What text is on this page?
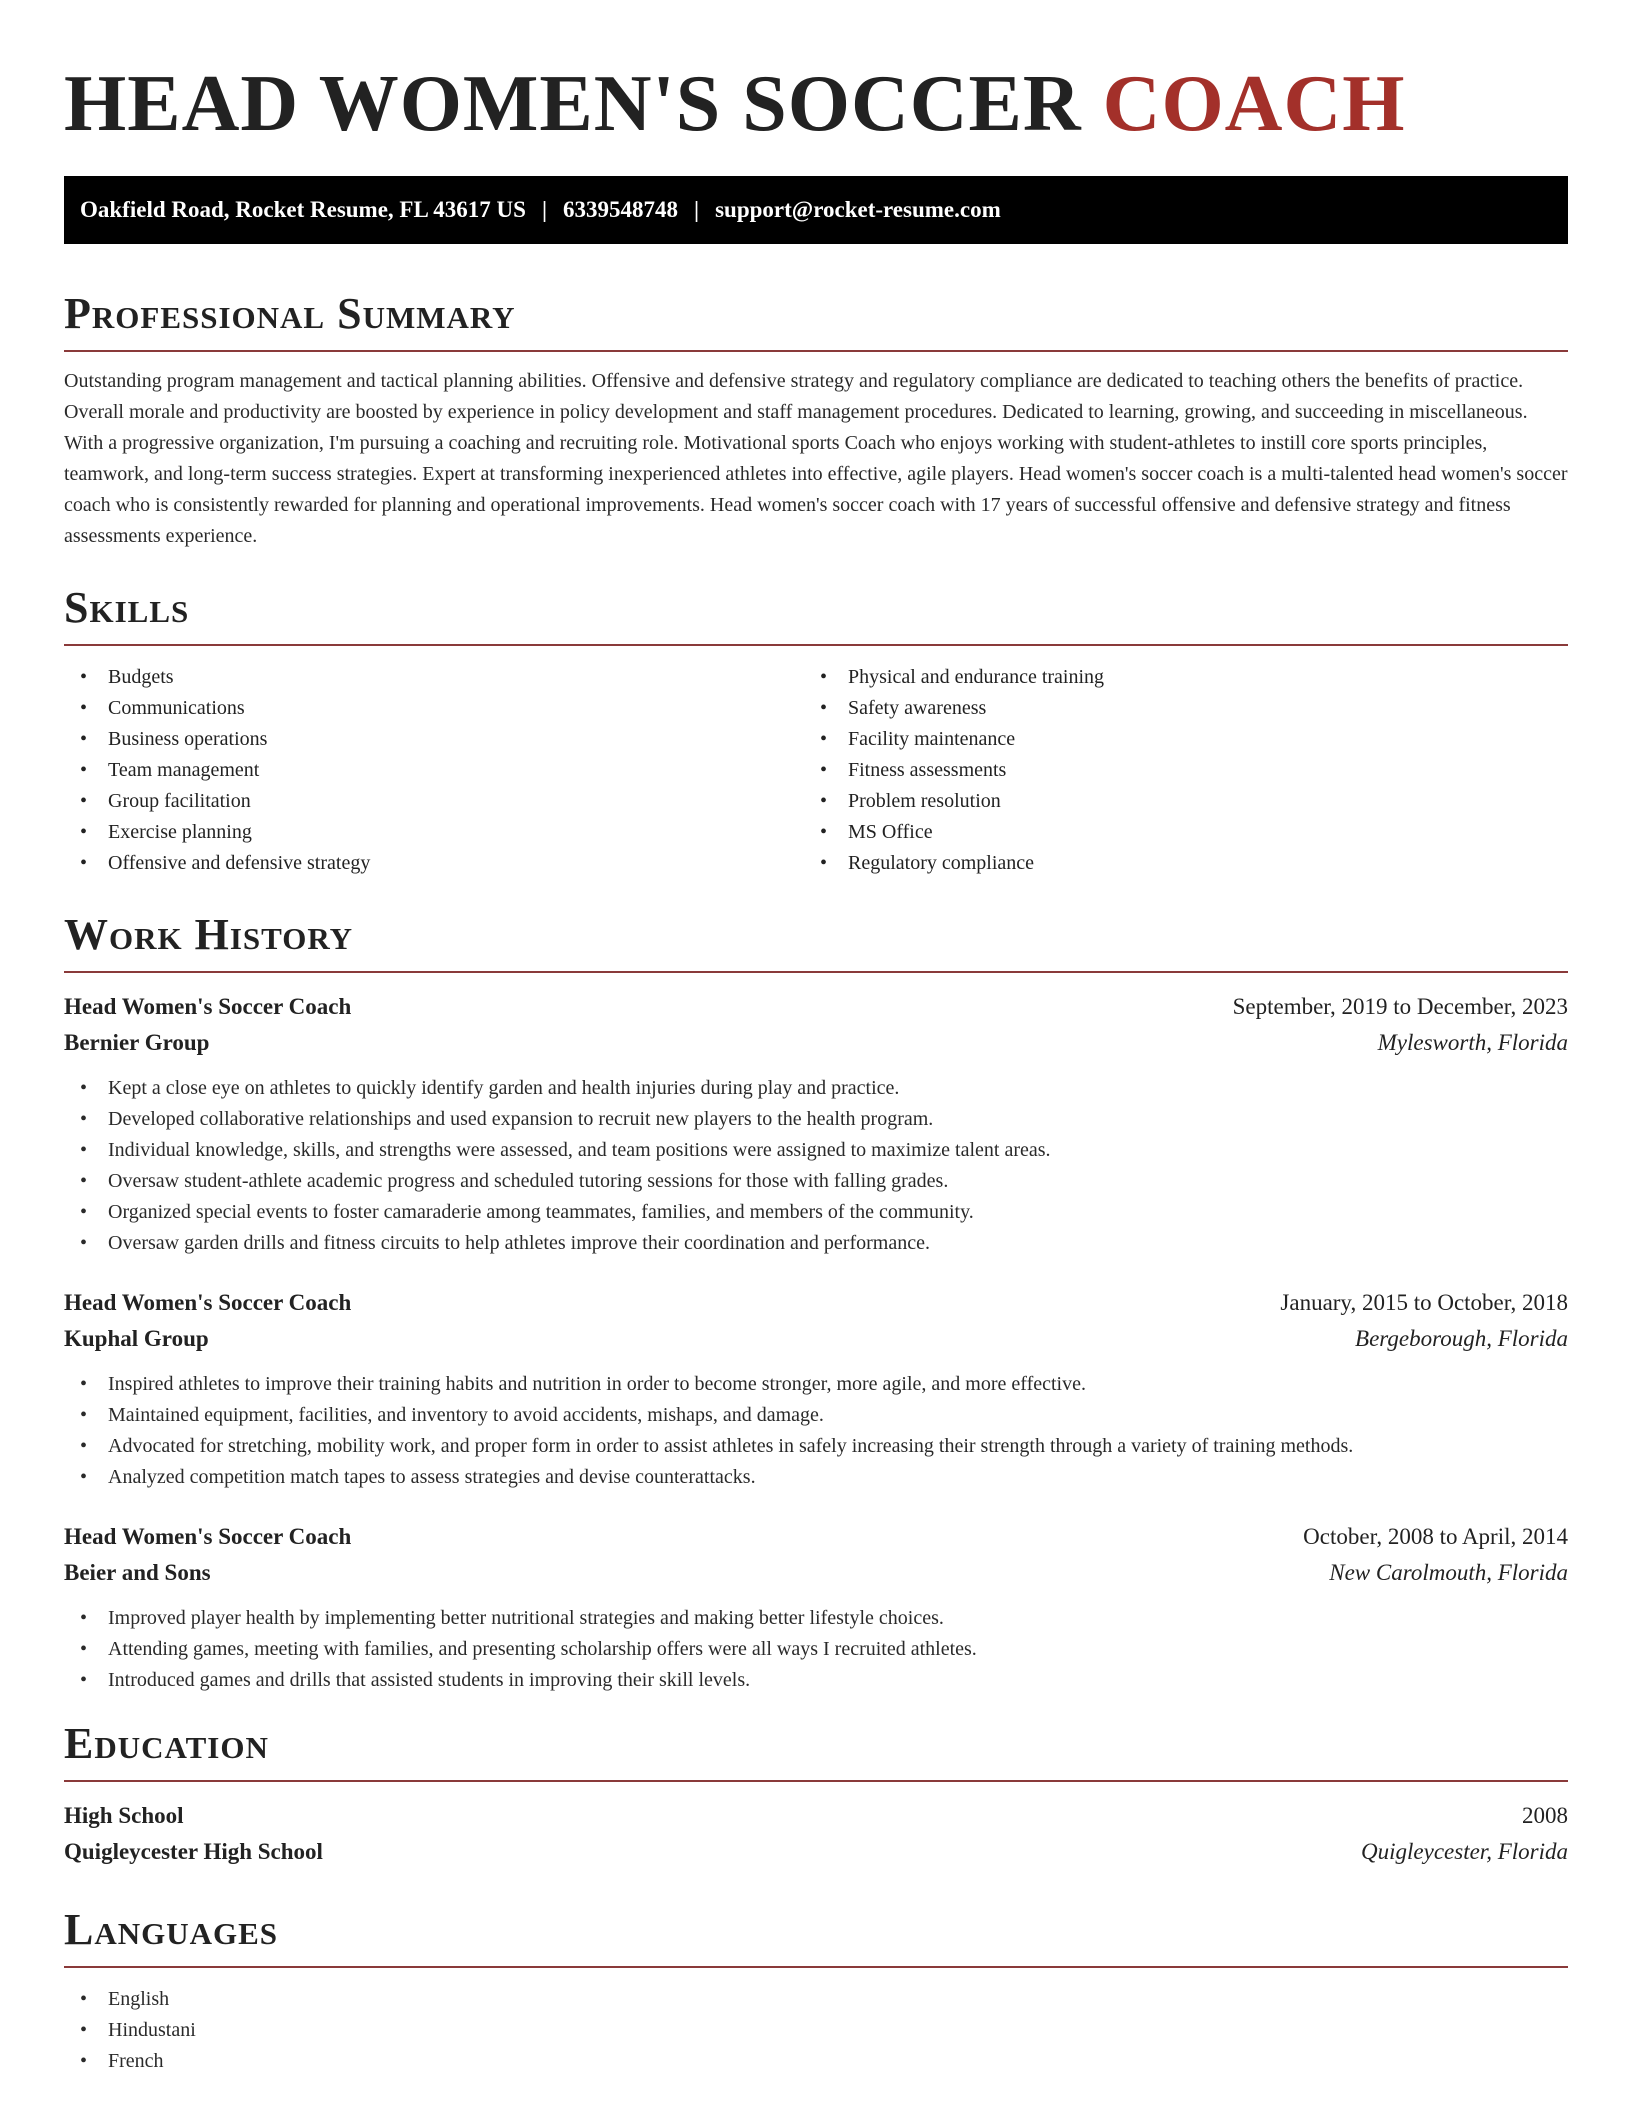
HEAD WOMEN'S SOCCER COACH
Oakfield Road, Rocket Resume, FL 43617 US | 6339548748 | support@rocket-resume.com
Professional Summary

Outstanding program management and tactical planning abilities. Offensive and defensive strategy and regulatory compliance are dedicated to teaching others the benefits of practice. Overall morale and productivity are boosted by experience in policy development and staff management procedures. Dedicated to learning, growing, and succeeding in miscellaneous. With a progressive organization, I'm pursuing a coaching and recruiting role. Motivational sports Coach who enjoys working with student-athletes to instill core sports principles, teamwork, and long-term success strategies. Expert at transforming inexperienced athletes into effective, agile players. Head women's soccer coach is a multi-talented head women's soccer coach who is consistently rewarded for planning and operational improvements. Head women's soccer coach with 17 years of successful offensive and defensive strategy and fitness assessments experience.

Skills
• Budgets
• Communications
• Business operations
• Team management
• Group facilitation
• Exercise planning
• Offensive and defensive strategy
• Physical and endurance training
• Safety awareness
• Facility maintenance
• Fitness assessments
• Problem resolution
• MS Office
• Regulatory compliance
Work History
Head Women's Soccer Coach	September, 2019 to December, 2023
Bernier Group	Mylesworth, Florida
• Kept a close eye on athletes to quickly identify garden and health injuries during play and practice.
• Developed collaborative relationships and used expansion to recruit new players to the health program.
• Individual knowledge, skills, and strengths were assessed, and team positions were assigned to maximize talent areas.
• Oversaw student-athlete academic progress and scheduled tutoring sessions for those with falling grades.
• Organized special events to foster camaraderie among teammates, families, and members of the community.
• Oversaw garden drills and fitness circuits to help athletes improve their coordination and performance.
Head Women's Soccer Coach	January, 2015 to October, 2018
Kuphal Group	Bergeborough, Florida
• Inspired athletes to improve their training habits and nutrition in order to become stronger, more agile, and more effective.
• Maintained equipment, facilities, and inventory to avoid accidents, mishaps, and damage.
• Advocated for stretching, mobility work, and proper form in order to assist athletes in safely increasing their strength through a variety of training methods.
• Analyzed competition match tapes to assess strategies and devise counterattacks.
Head Women's Soccer Coach	October, 2008 to April, 2014
Beier and Sons	New Carolmouth, Florida
• Improved player health by implementing better nutritional strategies and making better lifestyle choices.
• Attending games, meeting with families, and presenting scholarship offers were all ways I recruited athletes.
• Introduced games and drills that assisted students in improving their skill levels.
Education
High School	2008
Quigleycester High School	Quigleycester, Florida
Languages
• English
• Hindustani
• French
